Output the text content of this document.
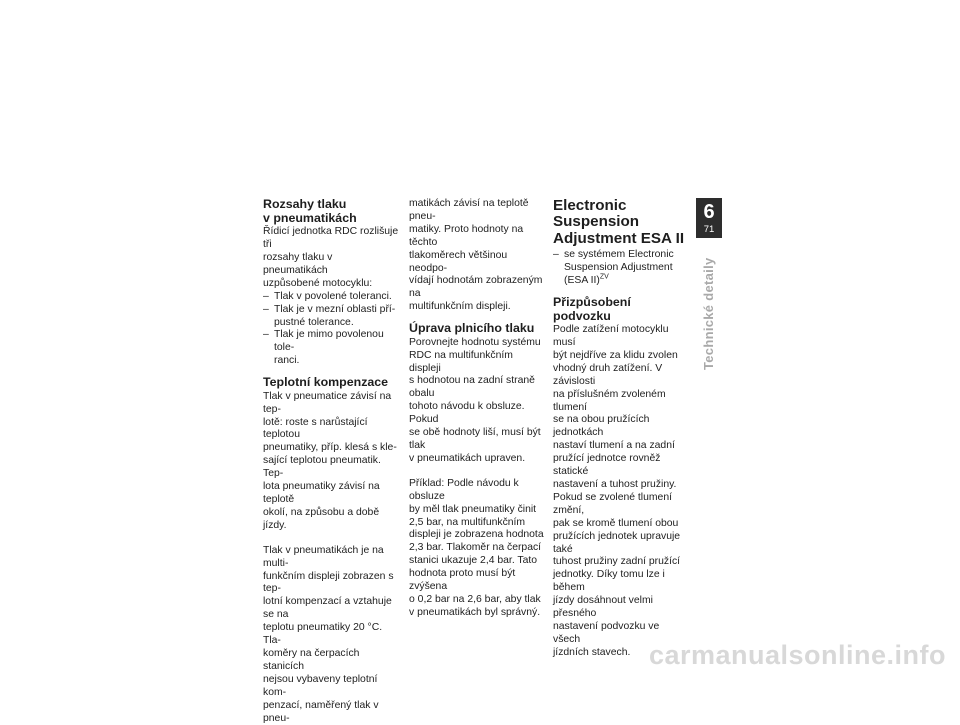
Rozsahy tlaku
v pneumatikách

Řídicí jednotka RDC rozlišuje tři
rozsahy tlaku v pneumatikách
uzpůsobené motocyklu:

– Tlak v povolené toleranci.
– Tlak je v mezní oblasti pří-
pustné tolerance.
– Tlak je mimo povolenou tole-
ranci.
Teplotní kompenzace

Tlak v pneumatice závisí na tep-
lotě: roste s narůstající teplotou
pneumatiky, příp. klesá s kle-
sající teplotou pneumatik. Tep-
lota pneumatiky závisí na teplotě
okolí, na způsobu a době jízdy.

Tlak v pneumatikách je na multi-
funkčním displeji zobrazen s tep-
lotní kompenzací a vztahuje se na
teplotu pneumatiky 20 °C. Tla-
koměry na čerpacích stanicích
nejsou vybaveny teplotní kom-
penzací, naměřený tlak v pneu-

matikách závisí na teplotě pneu-
matiky. Proto hodnoty na těchto
tlakoměrech většinou neodpo-
vídají hodnotám zobrazeným na
multifunkčním displeji.

Úprava plnicího tlaku

Porovnejte hodnotu systému
RDC na multifunkčním displeji
s hodnotou na zadní straně obalu
tohoto návodu k obsluze. Pokud
se obě hodnoty liší, musí být tlak
v pneumatikách upraven.

Příklad: Podle návodu k obsluze
by měl tlak pneumatiky činit
2,5 bar, na multifunkčním
displeji je zobrazena hodnota
2,3 bar. Tlakoměr na čerpací
stanici ukazuje 2,4 bar. Tato
hodnota proto musí být zvýšena
o 0,2 bar na 2,6 bar, aby tlak
v pneumatikách byl správný.

Electronic Suspension
Adjustment ESA II
– se systémem Electronic
Suspension Adjustment
(ESA II)$^{ZV}$
Přizpůsobení podvozku

Podle zatížení motocyklu musí
být nejdříve za klidu zvolen
vhodný druh zatížení. V závislosti
na příslušném zvoleném tlumení
se na obou pružících jednotkách
nastaví tlumení a na zadní
pružící jednotce rovněž statické
nastavení a tuhost pružiny.
Pokud se zvolené tlumení změní,
pak se kromě tlumení obou
pružících jednotek upravuje také
tuhost pružiny zadní pružící
jednotky. Díky tomu lze i během
jízdy dosáhnout velmi přesného
nastavení podvozku ve všech
jízdních stavech.

6
71
Technické detaily
carmanualsonline.info
